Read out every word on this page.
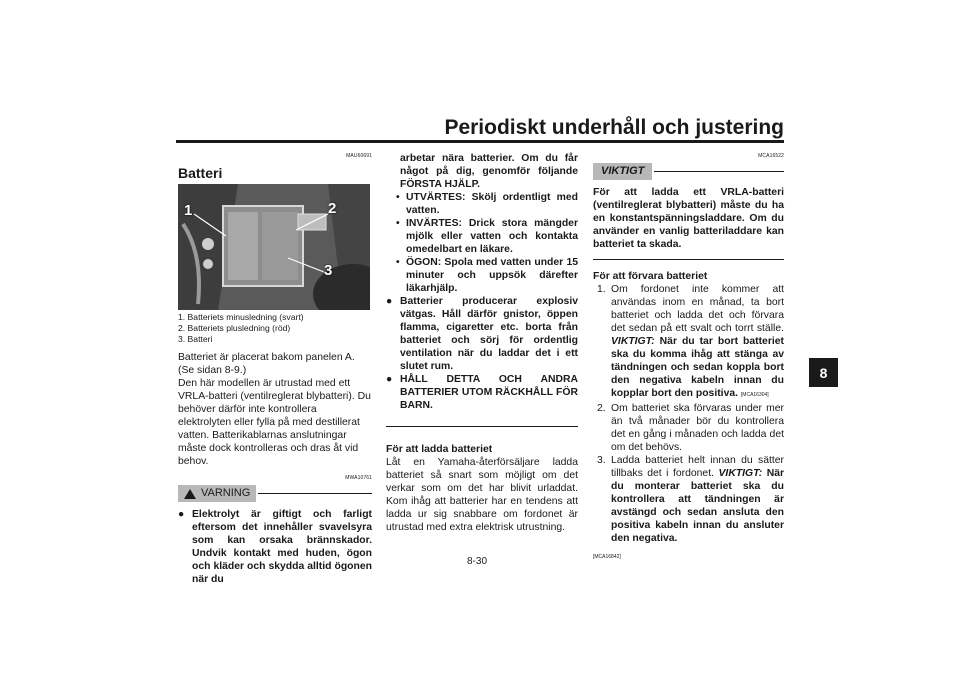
Periodiskt underhåll och justering
8

MAU60691

Batteri
1	2
3
1. Batteriets minusledning (svart)
2. Batteriets plusledning (röd)
3. Batteri

Batteriet är placerat bakom panelen A. (Se sidan 8-9.)

Den här modellen är utrustad med ett VRLA-batteri (ventilreglerat blybatteri). Du behöver därför inte kontrollera elektrolyten eller fylla på med destillerat vatten. Batterikablarnas anslutningar måste dock kontrolleras och dras åt vid behov.

MWA10761

VARNING
● Elektrolyt är giftigt och farligt eftersom det innehåller svavelsyra som kan orsaka brännskador. Undvik kontakt med huden, ögon och kläder och skydda alltid ögonen när du

arbetar nära batterier. Om du får något på dig, genomför följande FÖRSTA HJÄLP.

• UTVÄRTES: Skölj ordentligt med vatten.
• INVÄRTES: Drick stora mängder mjölk eller vatten och kontakta omedelbart en läkare.
• ÖGON: Spola med vatten under 15 minuter och uppsök därefter läkarhjälp.
● Batterier producerar explosiv vätgas. Håll därför gnistor, öppen flamma, cigaretter etc. borta från batteriet och sörj för ordentlig ventilation när du laddar det i ett slutet rum.
● HÅLL DETTA OCH ANDRA BATTERIER UTOM RÄCKHÅLL FÖR BARN.

För att ladda batteriet

Låt en Yamaha-återförsäljare ladda batteriet så snart som möjligt om det verkar som om det har blivit urladdat. Kom ihåg att batterier har en tendens att ladda ur sig snabbare om fordonet är utrustad med extra elektrisk utrustning.

MCA16522

VIKTIGT

För att ladda ett VRLA-batteri (ventilreglerat blybatteri) måste du ha en konstantspänningsladdare. Om du använder en vanlig batteriladdare kan batteriet ta skada.

För att förvara batteriet

1. Om fordonet inte kommer att användas inom en månad, ta bort batteriet och ladda det och förvara det sedan på ett svalt och torrt ställe. VIKTIGT: När du tar bort batteriet ska du komma ihåg att stänga av tändningen och sedan koppla bort den negativa kabeln innan du kopplar bort den positiva. [MCA16304]
2. Om batteriet ska förvaras under mer än två månader bör du kontrollera det en gång i månaden och ladda det om det behövs.
3. Ladda batteriet helt innan du sätter tillbaks det i fordonet. VIKTIGT: När du monterar batteriet ska du kontrollera att tändningen är avstängd och sedan ansluta den positiva kabeln innan du ansluter den negativa.

[MCA16842]

8-30
